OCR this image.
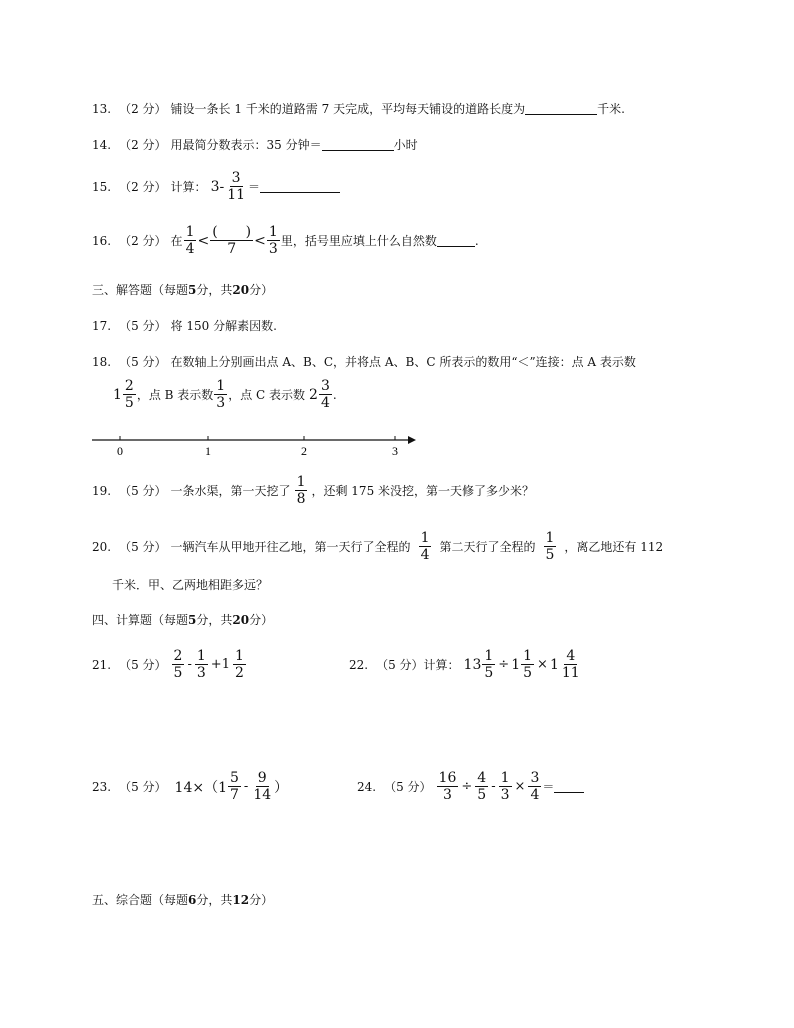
13. （2 分） 铺设一条长 1 千米的道路需 7 天完成，平均每天铺设的道路长度为	千米.
14. （2 分） 用最简分数表示：35 分钟＝	小时
15. （2 分） 计算： $3 - \frac{3}{11}$ ＝
16. （2 分） 在 $\frac{1}{4} < \frac{( )}{7} < \frac{1}{3}$ 里，括号里应填上什么自然数	.
三、解答题（每题 5 分，共 20 分）
17. （5 分） 将 150 分解素因数.
18. （5 分） 在数轴上分别画出点 A、B、C，并将点 A、B、C 所表示的数用“＜”连接：点 A 表示数
$1 \frac{2}{5}$ ，点 B 表示数 $\frac{1}{3}$ ，点 C 表示数 $2 \frac{3}{4}$ .
0	1	2	3
19. （5 分） 一条水渠，第一天挖了 $\frac{1}{8}$ ，还剩 175 米没挖，第一天修了多少米？
20. （5 分） 一辆汽车从甲地开往乙地，第一天行了全程的 $\frac{1}{4}$ 第二天行了全程的 $\frac{1}{5}$ ，离乙地还有 112
千米．甲、乙两地相距多远？
四、计算题（每题 5 分，共 20 分）
21. （5 分） $\frac{2}{5} - \frac{1}{3} +1 \frac{1}{2}$	22. （5 分）计算： $13 \frac{1}{5} \div 1 \frac{1}{5} \times 1 \frac{4}{11}$
23. （5 分） $14\times(1 \frac{5}{7} - \frac{9}{14}$ ）	24. （5 分） $\frac{16}{3} \div \frac{4}{5} - \frac{1}{3} \times \frac{3}{4}$ ＝
五、综合题（每题 6 分，共 12 分）
